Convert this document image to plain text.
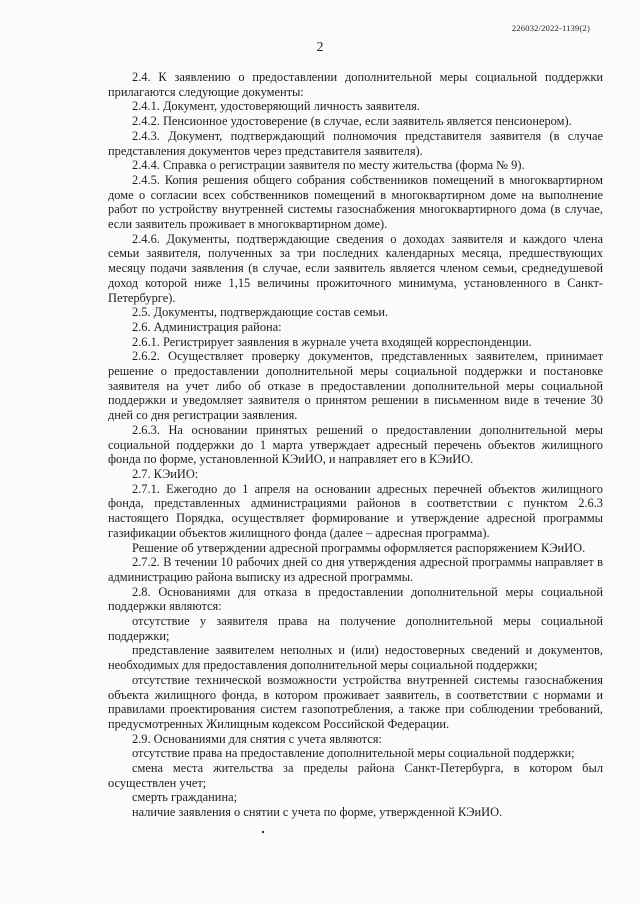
226032/2022-1139(2)
2

2.4. К заявлению о предоставлении дополнительной меры социальной поддержки прилагаются следующие документы:

2.4.1. Документ, удостоверяющий личность заявителя.

2.4.2. Пенсионное удостоверение (в случае, если заявитель является пенсионером).

2.4.3. Документ, подтверждающий полномочия представителя заявителя (в случае представления документов через представителя заявителя).

2.4.4. Справка о регистрации заявителя по месту жительства (форма № 9).

2.4.5. Копия решения общего собрания собственников помещений в многоквартирном доме о согласии всех собственников помещений в многоквартирном доме на выполнение работ по устройству внутренней системы газоснабжения многоквартирного дома (в случае, если заявитель проживает в многоквартирном доме).

2.4.6. Документы, подтверждающие сведения о доходах заявителя и каждого члена семьи заявителя, полученных за три последних календарных месяца, предшествующих месяцу подачи заявления (в случае, если заявитель является членом семьи, среднедушевой доход которой ниже 1,15 величины прожиточного минимума, установленного в Санкт-Петербурге).

2.5. Документы, подтверждающие состав семьи.

2.6. Администрация района:

2.6.1. Регистрирует заявления в журнале учета входящей корреспонденции.

2.6.2. Осуществляет проверку документов, представленных заявителем, принимает решение о предоставлении дополнительной меры социальной поддержки и постановке заявителя на учет либо об отказе в предоставлении дополнительной меры социальной поддержки и уведомляет заявителя о принятом решении в письменном виде в течение 30 дней со дня регистрации заявления.

2.6.3. На основании принятых решений о предоставлении дополнительной меры социальной поддержки до 1 марта утверждает адресный перечень объектов жилищного фонда по форме, установленной КЭиИО, и направляет его в КЭиИО.

2.7. КЭиИО:

2.7.1. Ежегодно до 1 апреля на основании адресных перечней объектов жилищного фонда, представленных администрациями районов в соответствии с пунктом 2.6.3 настоящего Порядка, осуществляет формирование и утверждение адресной программы газификации объектов жилищного фонда (далее – адресная программа).

Решение об утверждении адресной программы оформляется распоряжением КЭиИО.

2.7.2. В течении 10 рабочих дней со дня утверждения адресной программы направляет в администрацию района выписку из адресной программы.

2.8. Основаниями для отказа в предоставлении дополнительной меры социальной поддержки являются:

отсутствие у заявителя права на получение дополнительной меры социальной поддержки;

представление заявителем неполных и (или) недостоверных сведений и документов, необходимых для предоставления дополнительной меры социальной поддержки;

отсутствие технической возможности устройства внутренней системы газоснабжения объекта жилищного фонда, в котором проживает заявитель, в соответствии с нормами и правилами проектирования систем газопотребления, а также при соблюдении требований, предусмотренных Жилищным кодексом Российской Федерации.

2.9. Основаниями для снятия с учета являются:

отсутствие права на предоставление дополнительной меры социальной поддержки;

смена места жительства за пределы района Санкт-Петербурга, в котором был осуществлен учет;

смерть гражданина;

наличие заявления о снятии с учета по форме, утвержденной КЭиИО.
